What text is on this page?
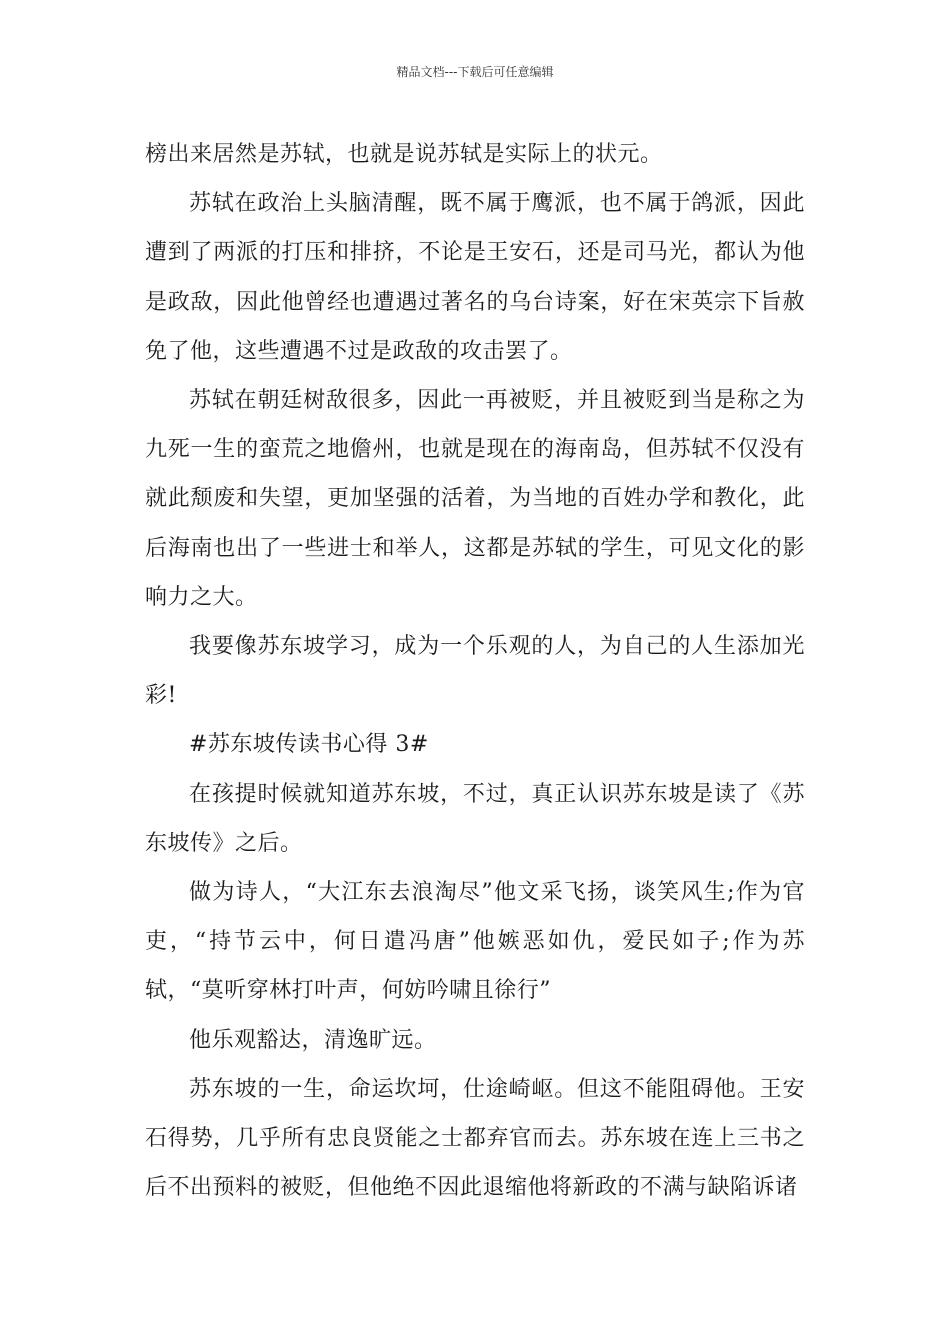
精品文档---下载后可任意编辑

榜出来居然是苏轼，也就是说苏轼是实际上的状元。

苏轼在政治上头脑清醒，既不属于鹰派，也不属于鸽派，因此遭到了两派的打压和排挤，不论是王安石，还是司马光，都认为他是政敌，因此他曾经也遭遇过著名的乌台诗案，好在宋英宗下旨赦免了他，这些遭遇不过是政敌的攻击罢了。

苏轼在朝廷树敌很多，因此一再被贬，并且被贬到当是称之为九死一生的蛮荒之地儋州，也就是现在的海南岛，但苏轼不仅没有就此颓废和失望，更加坚强的活着，为当地的百姓办学和教化，此后海南也出了一些进士和举人，这都是苏轼的学生，可见文化的影响力之大。

我要像苏东坡学习，成为一个乐观的人，为自己的人生添加光彩!

#苏东坡传读书心得 3#

在孩提时候就知道苏东坡，不过，真正认识苏东坡是读了《苏东坡传》之后。

做为诗人，“大江东去浪淘尽”他文采飞扬，谈笑风生;作为官吏，“持节云中，何日遣冯唐”他嫉恶如仇，爱民如子;作为苏轼，“莫听穿林打叶声，何妨吟啸且徐行”

他乐观豁达，清逸旷远。

苏东坡的一生，命运坎坷，仕途崎岖。但这不能阻碍他。王安石得势，几乎所有忠良贤能之士都弃官而去。苏东坡在连上三书之后不出预料的被贬，但他绝不因此退缩他将新政的不满与缺陷诉诸
